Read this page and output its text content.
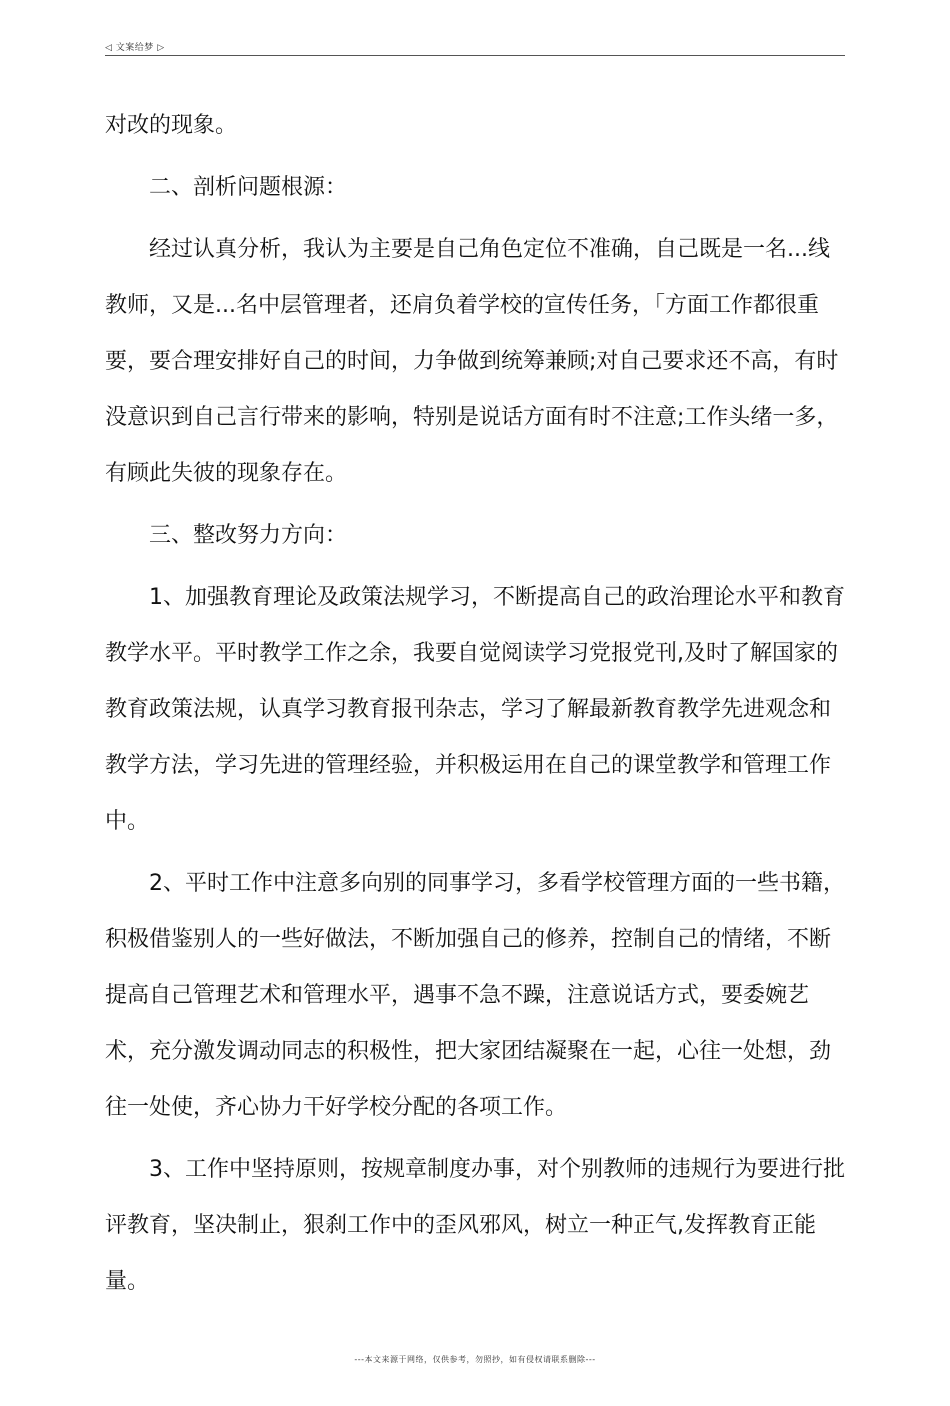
◁ 文案给梦 ▷

对改的现象。

二、剖析问题根源：

经过认真分析，我认为主要是自己角色定位不准确，自己既是一名...线教师，又是...名中层管理者，还肩负着学校的宣传任务，「方面工作都很重要，要合理安排好自己的时间，力争做到统筹兼顾;对自己要求还不高，有时没意识到自己言行带来的影响，特别是说话方面有时不注意;工作头绪一多，有顾此失彼的现象存在。

三、整改努力方向：

1、加强教育理论及政策法规学习，不断提高自己的政治理论水平和教育教学水平。平时教学工作之余，我要自觉阅读学习党报党刊,及时了解国家的教育政策法规，认真学习教育报刊杂志，学习了解最新教育教学先进观念和教学方法，学习先进的管理经验，并积极运用在自己的课堂教学和管理工作中。

2、平时工作中注意多向别的同事学习，多看学校管理方面的一些书籍，积极借鉴别人的一些好做法，不断加强自己的修养，控制自己的情绪，不断提高自己管理艺术和管理水平，遇事不急不躁，注意说话方式，要委婉艺术，充分激发调动同志的积极性，把大家团结凝聚在一起，心往一处想，劲往一处使，齐心协力干好学校分配的各项工作。

3、工作中坚持原则，按规章制度办事，对个别教师的违规行为要进行批评教育，坚决制止，狠刹工作中的歪风邪风，树立一种正气,发挥教育正能量。

---本文来源于网络，仅供参考，勿照抄，如有侵权请联系删除---
